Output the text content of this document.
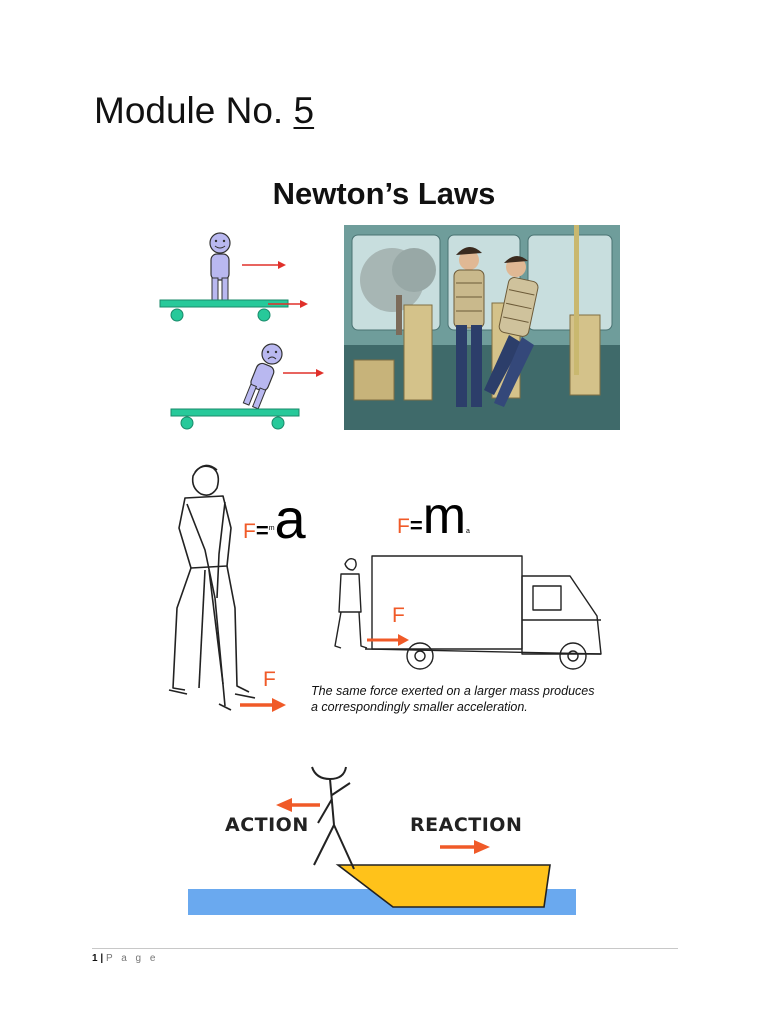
Module No. 5
Newton’s Laws
F=$^m$a	F=ma
F
F	The same force exerted on a larger mass produces
a correspondingly smaller acceleration.
ACTION	REACTION
1 | P a g e
